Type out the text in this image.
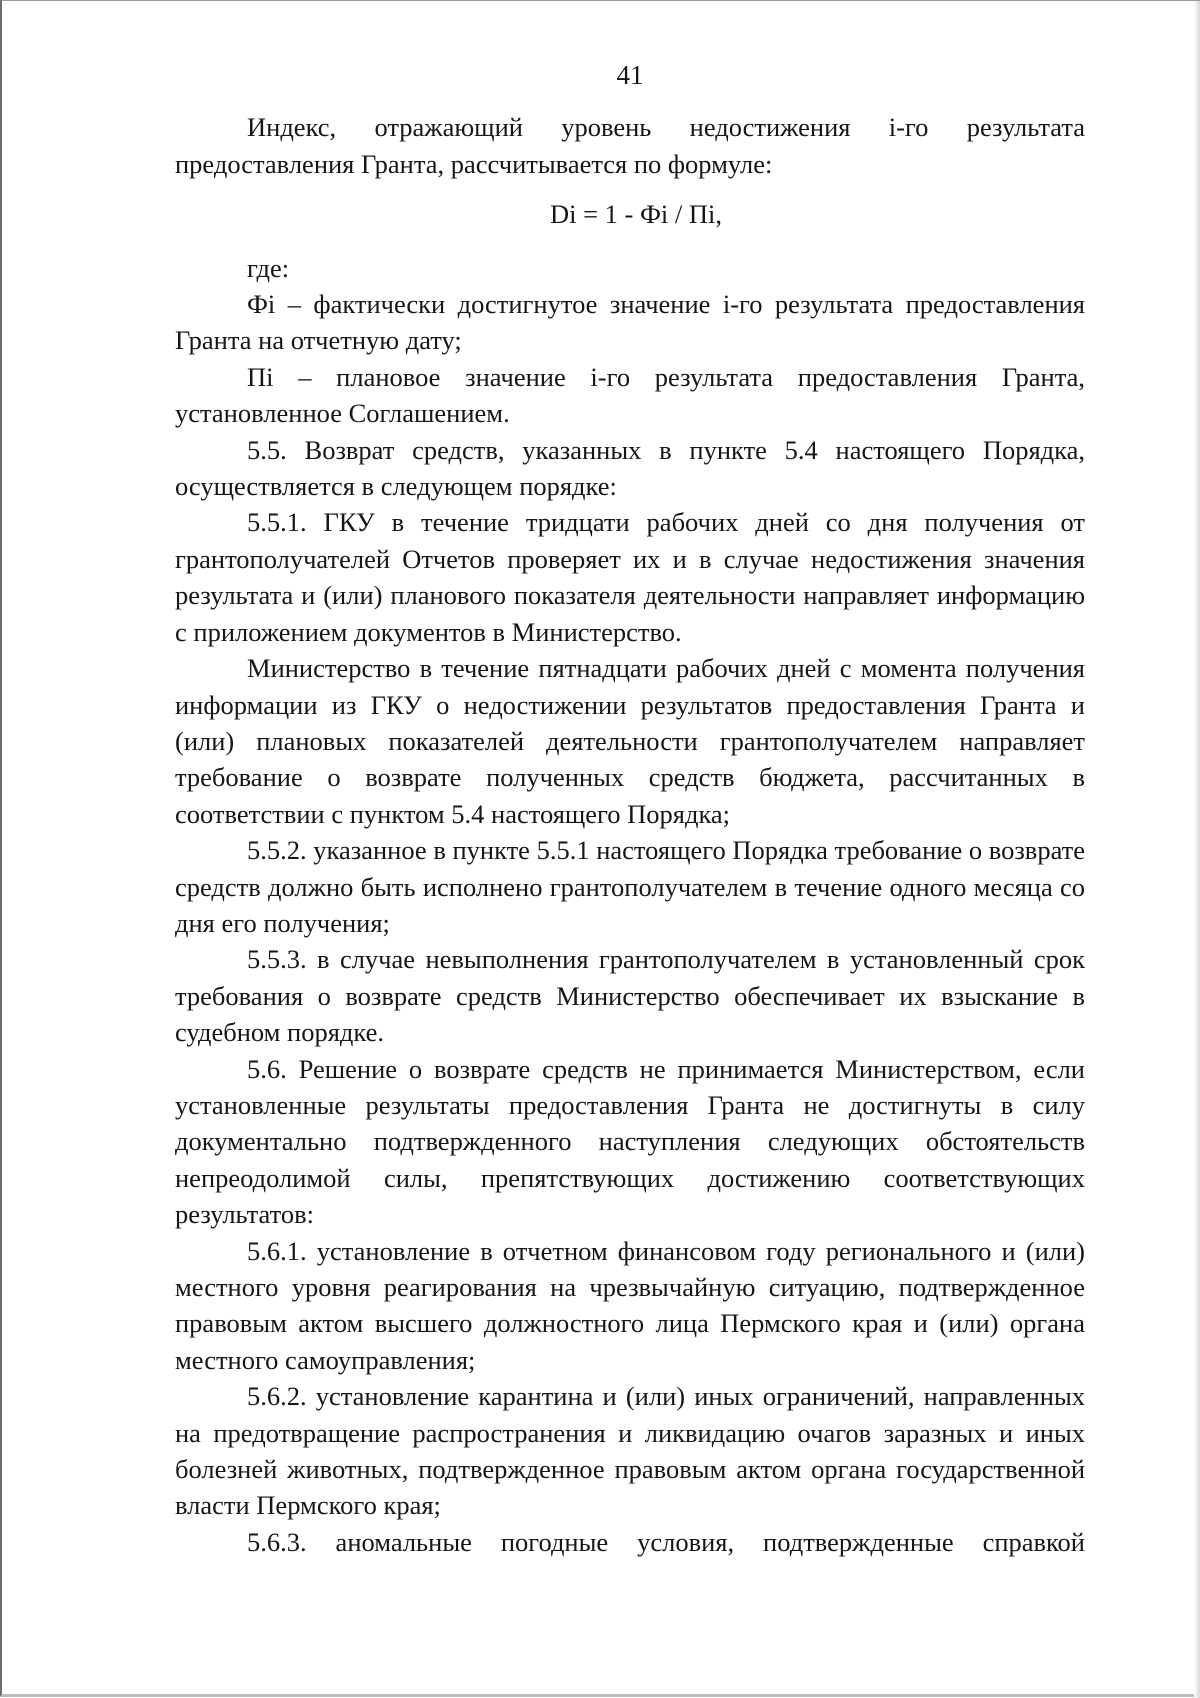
41

Индекс, отражающий уровень недостижения i-го результата предоставления Гранта, рассчитывается по формуле:

Di = 1 - Фi / Пi,

где:

Фi – фактически достигнутое значение i-го результата предоставления Гранта на отчетную дату;

Пi – плановое значение i-го результата предоставления Гранта, установленное Соглашением.

5.5. Возврат средств, указанных в пункте 5.4 настоящего Порядка, осуществляется в следующем порядке:

5.5.1. ГКУ в течение тридцати рабочих дней со дня получения от грантополучателей Отчетов проверяет их и в случае недостижения значения результата и (или) планового показателя деятельности направляет информацию с приложением документов в Министерство.

Министерство в течение пятнадцати рабочих дней с момента получения информации из ГКУ о недостижении результатов предоставления Гранта и (или) плановых показателей деятельности грантополучателем направляет требование о возврате полученных средств бюджета, рассчитанных в соответствии с пунктом 5.4 настоящего Порядка;

5.5.2. указанное в пункте 5.5.1 настоящего Порядка требование о возврате средств должно быть исполнено грантополучателем в течение одного месяца со дня его получения;

5.5.3. в случае невыполнения грантополучателем в установленный срок требования о возврате средств Министерство обеспечивает их взыскание в судебном порядке.

5.6. Решение о возврате средств не принимается Министерством, если установленные результаты предоставления Гранта не достигнуты в силу документально подтвержденного наступления следующих обстоятельств непреодолимой силы, препятствующих достижению соответствующих результатов:

5.6.1. установление в отчетном финансовом году регионального и (или) местного уровня реагирования на чрезвычайную ситуацию, подтвержденное правовым актом высшего должностного лица Пермского края и (или) органа местного самоуправления;

5.6.2. установление карантина и (или) иных ограничений, направленных на предотвращение распространения и ликвидацию очагов заразных и иных болезней животных, подтвержденное правовым актом органа государственной власти Пермского края;

5.6.3. аномальные погодные условия, подтвержденные справкой
